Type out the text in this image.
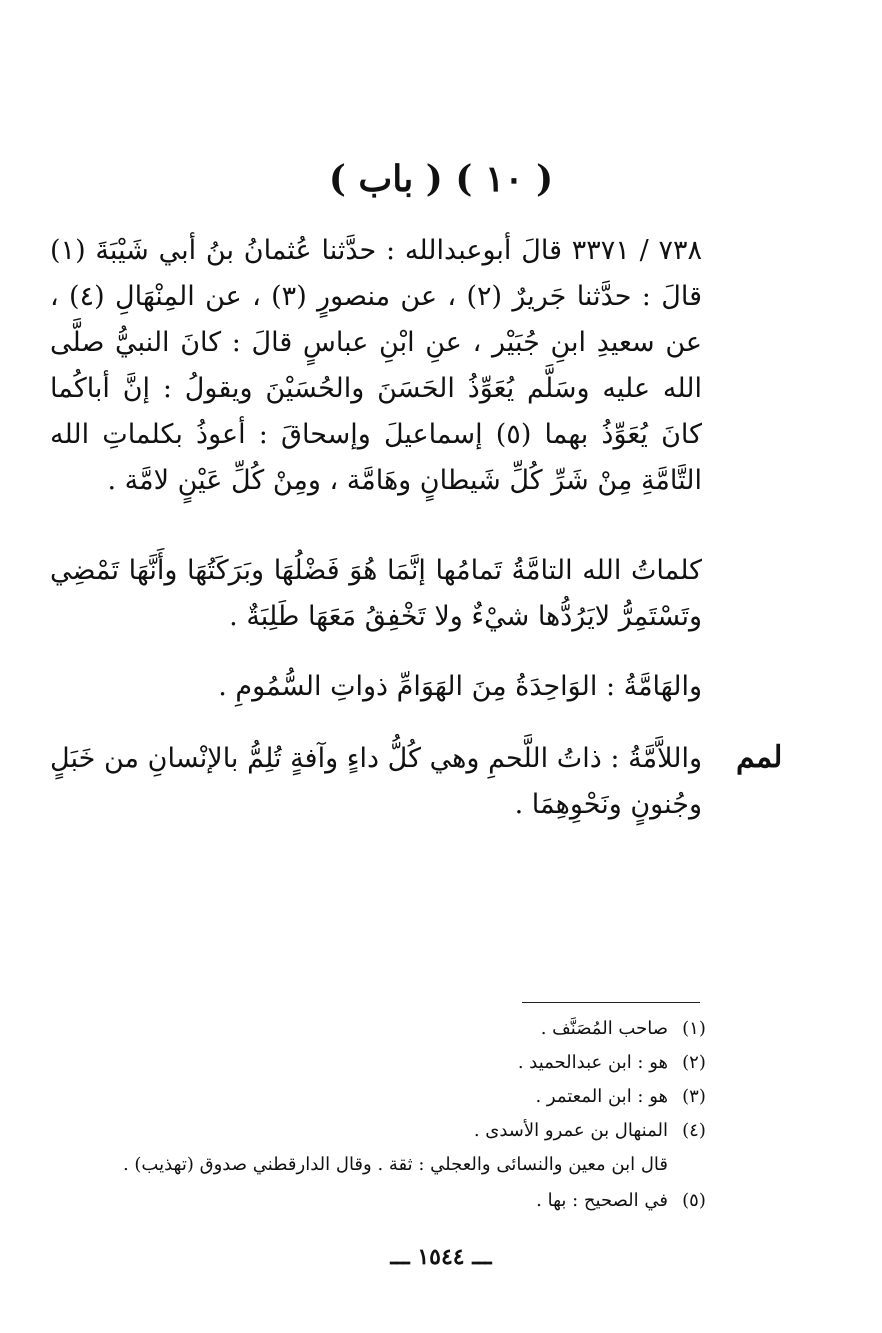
( ١٠ ) ( باب )

٧٣٨ / ٣٣٧١ قالَ أبوعبدالله : حدَّثنا عُثمانُ بنُ أبي شَيْبَةَ (١) قالَ : حدَّثنا جَريرٌ (٢) ، عن منصورٍ (٣) ، عن المِنْهَالِ (٤) ، عن سعيدِ ابنِ جُبَيْر ، عنِ ابْنِ عباسٍ قالَ : كانَ النبيُّ صلَّى الله عليه وسَلَّم يُعَوِّذُ الحَسَنَ والحُسَيْنَ ويقولُ : إنَّ أباكُما كانَ يُعَوِّذُ بهما (٥) إسماعيلَ وإسحاقَ : أعوذُ بكلماتِ الله التَّامَّةِ مِنْ شَرِّ كُلِّ شَيطانٍ وهَامَّة ، ومِنْ كُلِّ عَيْنٍ لامَّة .

كلماتُ الله التامَّةُ تَمامُها إنَّمَا هُوَ فَضْلُهَا وبَرَكَتُهَا وأَنَّهَا تَمْضِي وتَسْتَمِرُّ لايَرُدُّها شيْءٌ ولا تَخْفِقُ مَعَهَا طَلِبَةٌ .

والهَامَّةُ : الوَاحِدَةُ مِنَ الهَوَامِّ ذواتِ السُّمُومِ .

واللاَّمَّةُ : ذاتُ اللَّحمِ وهي كُلُّ داءٍ وآفةٍ تُلِمُّ بالإنْسانِ من خَبَلٍ وجُنونٍ ونَحْوِهِمَا .

لمم
(١)
صاحب المُصَنَّف .
(٢)
هو : ابن عبدالحميد .
(٣)
هو : ابن المعتمر .
(٤)
المنهال بن عمرو الأسدى .
قال ابن معين والنسائى والعجلي : ثقة . وقال الدارقطني صدوق (تهذيب) .
(٥)
في الصحيح : بها .
ـــ ١٥٤٤ ـــ
